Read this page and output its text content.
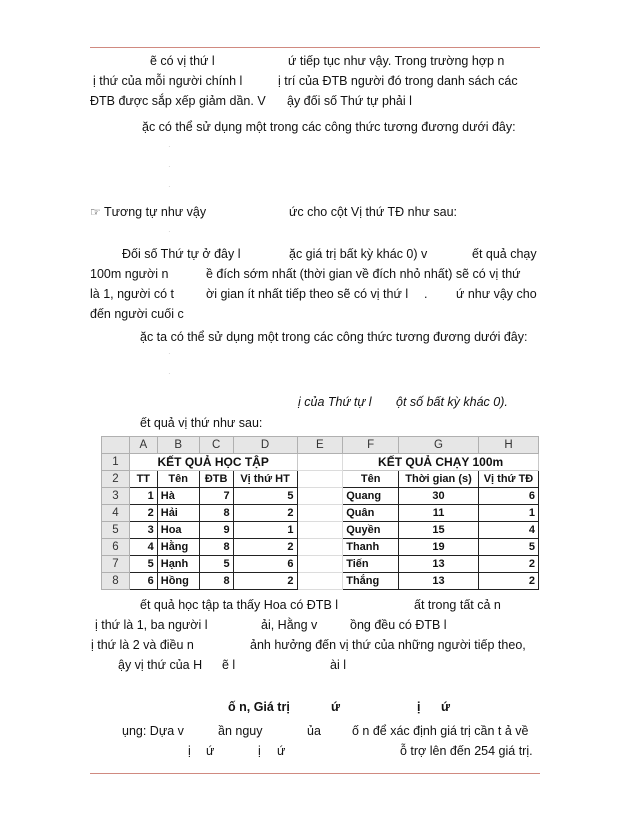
ẽ có vị thứ l	ứ tiếp tục như vậy. Trong trường hợp n
ị thứ của mỗi người chính l	ị trí của ĐTB người đó trong danh sách các
ĐTB được sắp xếp giảm dần. V ậy đối số Thứ tự phải l
ặc có thể sử dụng một trong các công thức tương đương dưới đây:
·
·
·
☞ Tương tự như vậy	ức cho cột Vị thứ TĐ như sau:
·
Đối số Thứ tự ở đây l	ặc giá trị bất kỳ khác 0) v	ết quả chạy
100m người n	ề đích sớm nhất (thời gian về đích nhỏ nhất) sẽ có vị thứ
là 1, người có t	ời gian ít nhất tiếp theo sẽ có vị thứ l . ứ như vậy cho
đến người cuối c
ặc ta có thể sử dụng một trong các công thức tương đương dưới đây:
·
·
ị của Thứ tự l ột số bất kỳ khác 0).
ết quả vị thứ như sau:
	A	B	C	D	E	F	G	H
1	KẾT QUẢ HỌC TẬP					KẾT QUẢ CHẠY 100m		
2	TT	Tên	ĐTB	Vị thứ HT		Tên	Thời gian (s)	Vị thứ TĐ
3	1	Hà	7	5		Quang	30	6
4	2	Hải	8	2		Quân	11	1
5	3	Hoa	9	1		Quyền	15	4
6	4	Hằng	8	2		Thanh	19	5
7	5	Hạnh	5	6		Tiến	13	2
8	6	Hồng	8	2		Thắng	13	2
ết quả học tập ta thấy Hoa có ĐTB l	ất trong tất cả n
ị thứ là 1, ba người l	ải, Hằng v	ồng đều có ĐTB l
ị thứ là 2 và điều n	ảnh hưởng đến vị thứ của những người tiếp theo,
ậy vị thứ của H ẽ l	ài l
ố n, Giá trị	ứ	ị ứ
ụng: Dựa v	ần nguy	ủa ố n để xác định giá trị cần t ả về
ị ứ	ị ứ	ỗ trợ lên đến 254 giá trị.
